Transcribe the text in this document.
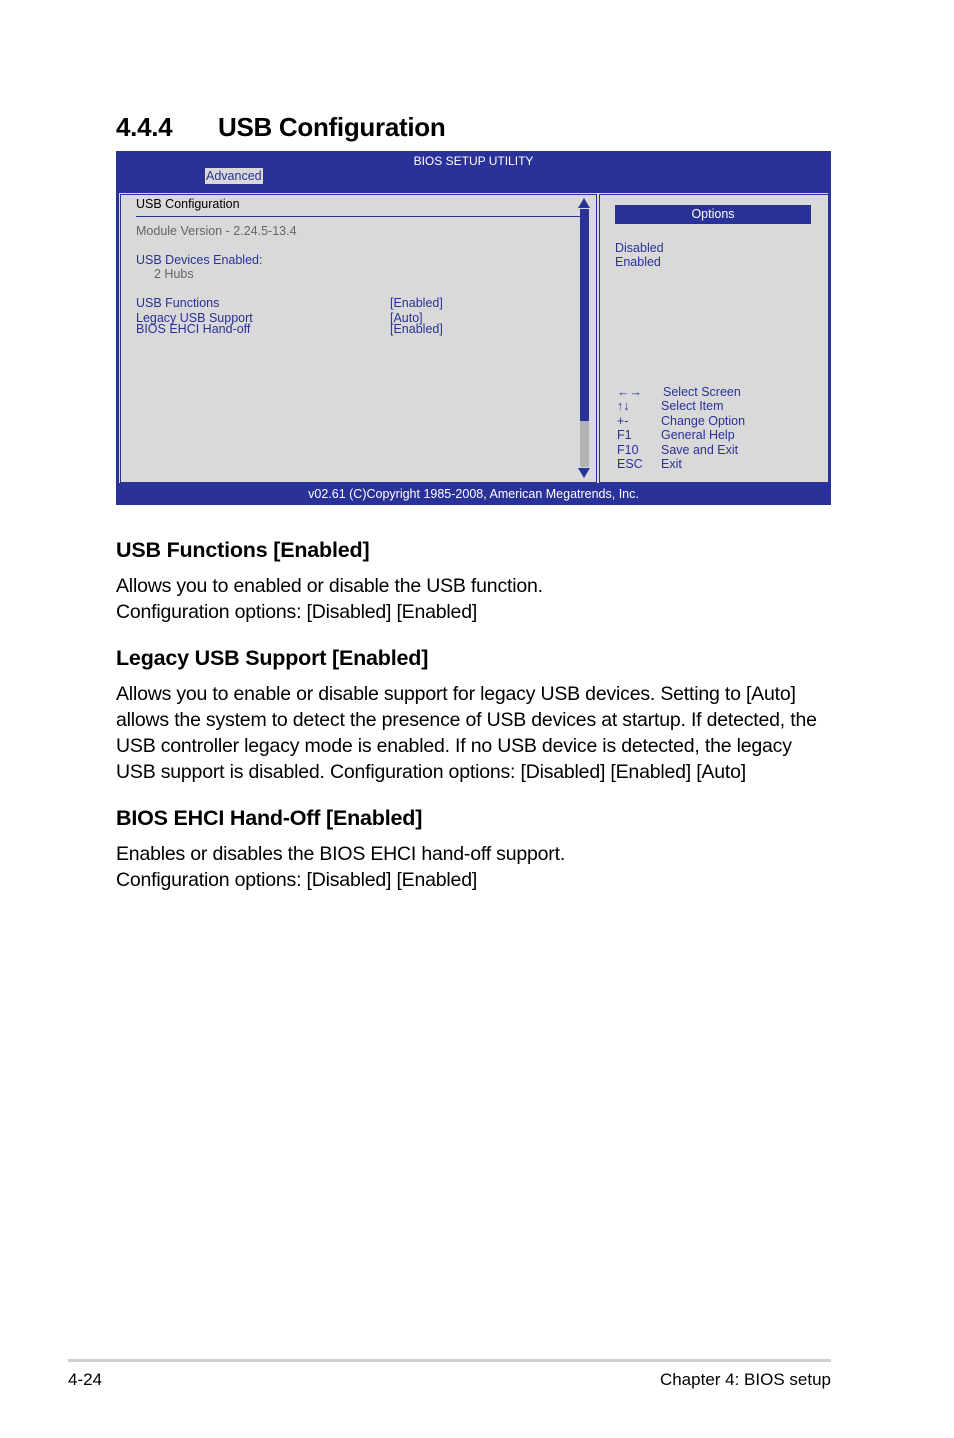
4.4.4 USB Configuration
BIOS SETUP UTILITY
Advanced
USB Configuration
Module Version - 2.24.5-13.4
USB Devices Enabled:
2 Hubs
USB Functions	[Enabled]
Legacy USB Support	[Auto]
BIOS EHCI Hand-off	[Enabled]
Options
Disabled
Enabled
←→ Select Screen
↑↓	Select Item
+-	Change Option
F1 General Help
F10 Save and Exit
ESC Exit
v02.61 (C)Copyright 1985-2008, American Megatrends, Inc.
USB Functions [Enabled]

Allows you to enabled or disable the USB function.
Configuration options: [Disabled] [Enabled]

Legacy USB Support [Enabled]

Allows you to enable or disable support for legacy USB devices. Setting to [Auto]
allows the system to detect the presence of USB devices at startup. If detected, the
USB controller legacy mode is enabled. If no USB device is detected, the legacy
USB support is disabled. Configuration options: [Disabled] [Enabled] [Auto]

BIOS EHCI Hand-Off [Enabled]

Enables or disables the BIOS EHCI hand-off support.
Configuration options: [Disabled] [Enabled]

4-24	Chapter 4: BIOS setup
